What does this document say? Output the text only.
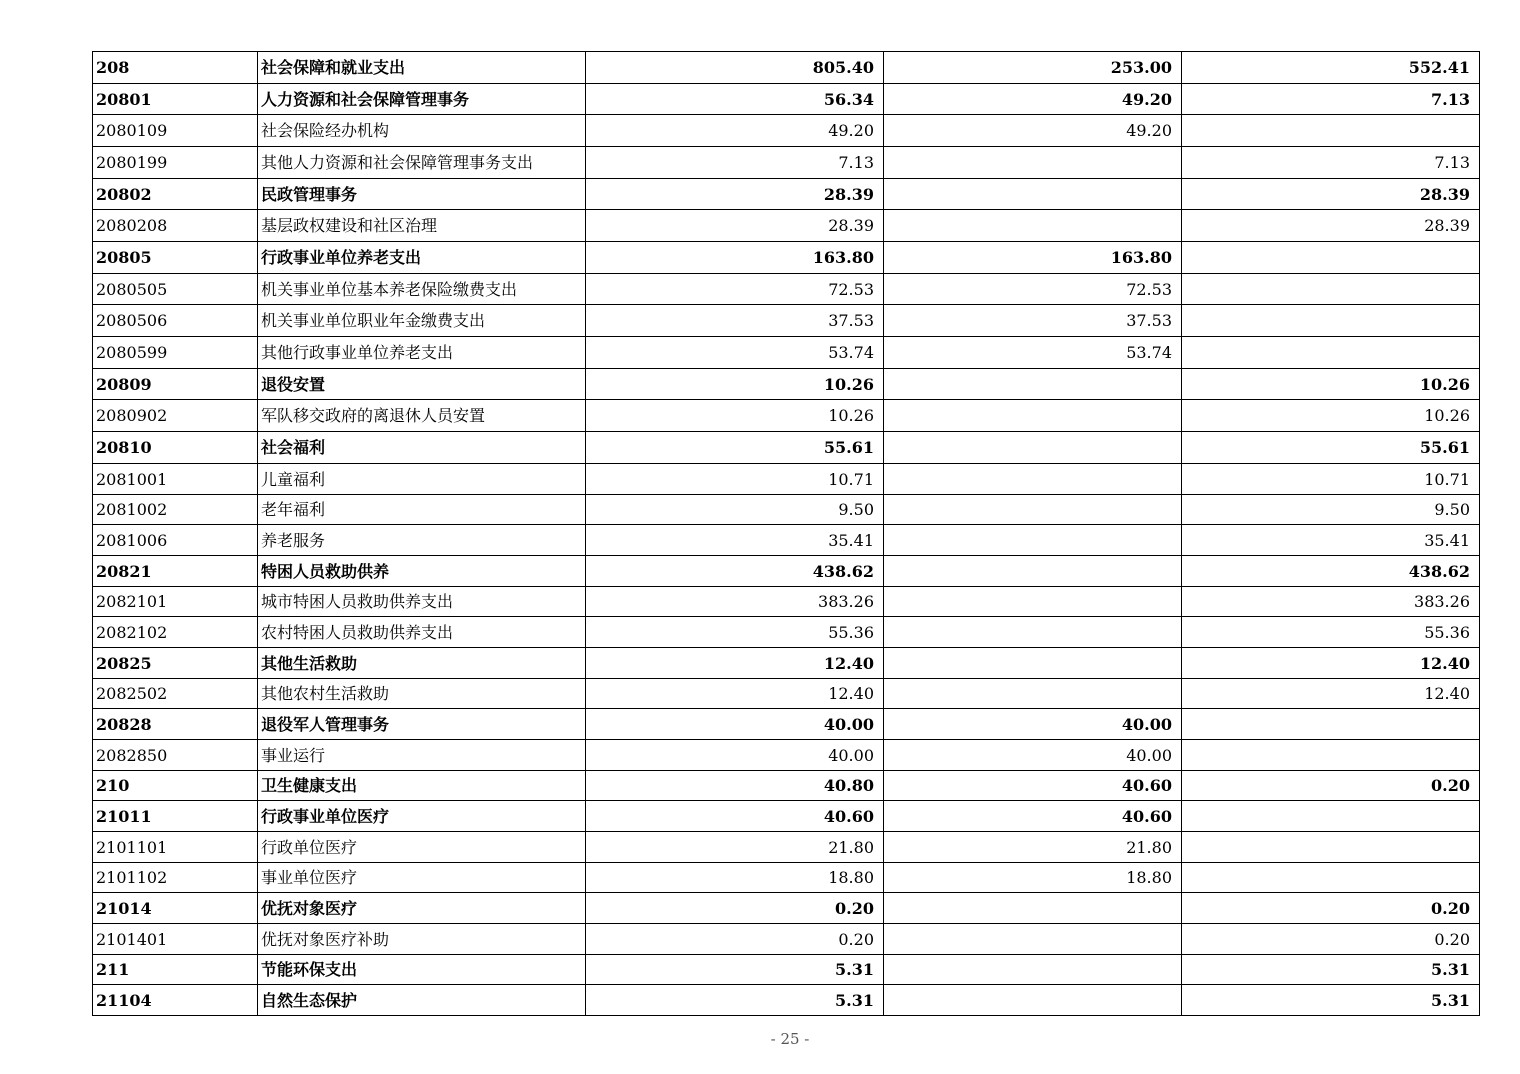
208	社会保障和就业支出	805.40	253.00	552.41
20801	人力资源和社会保障管理事务	56.34	49.20	7.13
2080109	社会保险经办机构	49.20	49.20	
2080199	其他人力资源和社会保障管理事务支出	7.13		7.13
20802	民政管理事务	28.39		28.39
2080208	基层政权建设和社区治理	28.39		28.39
20805	行政事业单位养老支出	163.80	163.80	
2080505	机关事业单位基本养老保险缴费支出	72.53	72.53	
2080506	机关事业单位职业年金缴费支出	37.53	37.53	
2080599	其他行政事业单位养老支出	53.74	53.74	
20809	退役安置	10.26		10.26
2080902	军队移交政府的离退休人员安置	10.26		10.26
20810	社会福利	55.61		55.61
2081001	儿童福利	10.71		10.71
2081002	老年福利	9.50		9.50
2081006	养老服务	35.41		35.41
20821	特困人员救助供养	438.62		438.62
2082101	城市特困人员救助供养支出	383.26		383.26
2082102	农村特困人员救助供养支出	55.36		55.36
20825	其他生活救助	12.40		12.40
2082502	其他农村生活救助	12.40		12.40
20828	退役军人管理事务	40.00	40.00	
2082850	事业运行	40.00	40.00	
210	卫生健康支出	40.80	40.60	0.20
21011	行政事业单位医疗	40.60	40.60	
2101101	行政单位医疗	21.80	21.80	
2101102	事业单位医疗	18.80	18.80	
21014	优抚对象医疗	0.20		0.20
2101401	优抚对象医疗补助	0.20		0.20
211	节能环保支出	5.31		5.31
21104	自然生态保护	5.31		5.31
- 25 -
